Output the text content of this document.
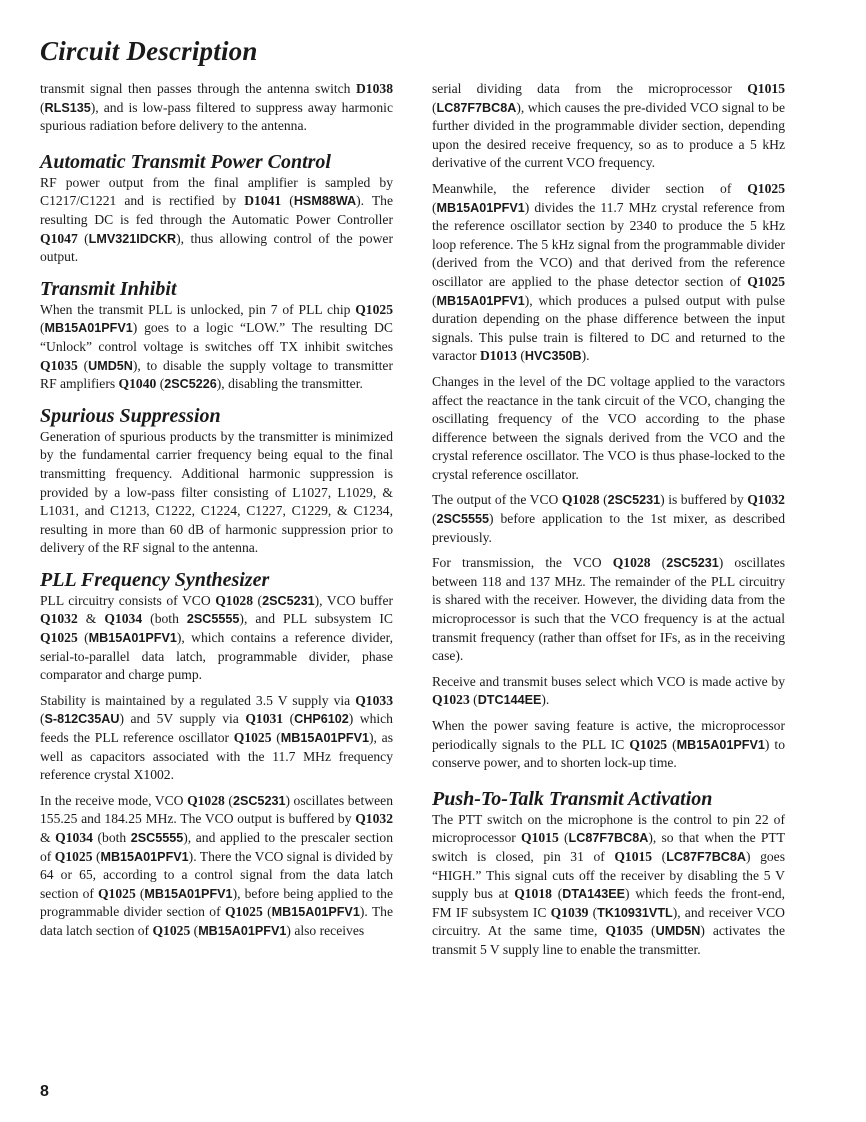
Circuit Description

transmit signal then passes through the antenna switch D1038 (RLS135), and is low-pass filtered to suppress away harmonic spurious radiation before delivery to the antenna.

Automatic Transmit Power Control

RF power output from the final amplifier is sampled by C1217/C1221 and is rectified by D1041 (HSM88WA). The resulting DC is fed through the Automatic Power Controller Q1047 (LMV321IDCKR), thus allowing control of the power output.

Transmit Inhibit

When the transmit PLL is unlocked, pin 7 of PLL chip Q1025 (MB15A01PFV1) goes to a logic “LOW.” The resulting DC “Unlock” control voltage is switches off TX inhibit switches Q1035 (UMD5N), to disable the supply voltage to transmitter RF amplifiers Q1040 (2SC5226), disabling the transmitter.

Spurious Suppression

Generation of spurious products by the transmitter is minimized by the fundamental carrier frequency being equal to the final transmitting frequency. Additional harmonic suppression is provided by a low-pass filter consisting of L1027, L1029, & L1031, and C1213, C1222, C1224, C1227, C1229, & C1234, resulting in more than 60 dB of harmonic suppression prior to delivery of the RF signal to the antenna.

PLL Frequency Synthesizer

PLL circuitry consists of VCO Q1028 (2SC5231), VCO buffer Q1032 & Q1034 (both 2SC5555), and PLL subsystem IC Q1025 (MB15A01PFV1), which contains a reference divider, serial-to-parallel data latch, programmable divider, phase comparator and charge pump.

Stability is maintained by a regulated 3.5 V supply via Q1033 (S-812C35AU) and 5V supply via Q1031 (CHP6102) which feeds the PLL reference oscillator Q1025 (MB15A01PFV1), as well as capacitors associated with the 11.7 MHz frequency reference crystal X1002.

In the receive mode, VCO Q1028 (2SC5231) oscillates between 155.25 and 184.25 MHz. The VCO output is buffered by Q1032 & Q1034 (both 2SC5555), and applied to the prescaler section of Q1025 (MB15A01PFV1). There the VCO signal is divided by 64 or 65, according to a control signal from the data latch section of Q1025 (MB15A01PFV1), before being applied to the programmable divider section of Q1025 (MB15A01PFV1). The data latch section of Q1025 (MB15A01PFV1) also receives

serial dividing data from the microprocessor Q1015 (LC87F7BC8A), which causes the pre-divided VCO signal to be further divided in the programmable divider section, depending upon the desired receive frequency, so as to produce a 5 kHz derivative of the current VCO frequency.

Meanwhile, the reference divider section of Q1025 (MB15A01PFV1) divides the 11.7 MHz crystal reference from the reference oscillator section by 2340 to produce the 5 kHz loop reference. The 5 kHz signal from the programmable divider (derived from the VCO) and that derived from the reference oscillator are applied to the phase detector section of Q1025 (MB15A01PFV1), which produces a pulsed output with pulse duration depending on the phase difference between the input signals. This pulse train is filtered to DC and returned to the varactor D1013 (HVC350B).

Changes in the level of the DC voltage applied to the varactors affect the reactance in the tank circuit of the VCO, changing the oscillating frequency of the VCO according to the phase difference between the signals derived from the VCO and the crystal reference oscillator. The VCO is thus phase-locked to the crystal reference oscillator.

The output of the VCO Q1028 (2SC5231) is buffered by Q1032 (2SC5555) before application to the 1st mixer, as described previously.

For transmission, the VCO Q1028 (2SC5231) oscillates between 118 and 137 MHz. The remainder of the PLL circuitry is shared with the receiver. However, the dividing data from the microprocessor is such that the VCO frequency is at the actual transmit frequency (rather than offset for IFs, as in the receiving case).

Receive and transmit buses select which VCO is made active by Q1023 (DTC144EE).

When the power saving feature is active, the microprocessor periodically signals to the PLL IC Q1025 (MB15A01PFV1) to conserve power, and to shorten lock-up time.

Push-To-Talk Transmit Activation

The PTT switch on the microphone is the control to pin 22 of microprocessor Q1015 (LC87F7BC8A), so that when the PTT switch is closed, pin 31 of Q1015 (LC87F7BC8A) goes “HIGH.” This signal cuts off the receiver by disabling the 5 V supply bus at Q1018 (DTA143EE) which feeds the front-end, FM IF subsystem IC Q1039 (TK10931VTL), and receiver VCO circuitry. At the same time, Q1035 (UMD5N) activates the transmit 5 V supply line to enable the transmitter.

8
